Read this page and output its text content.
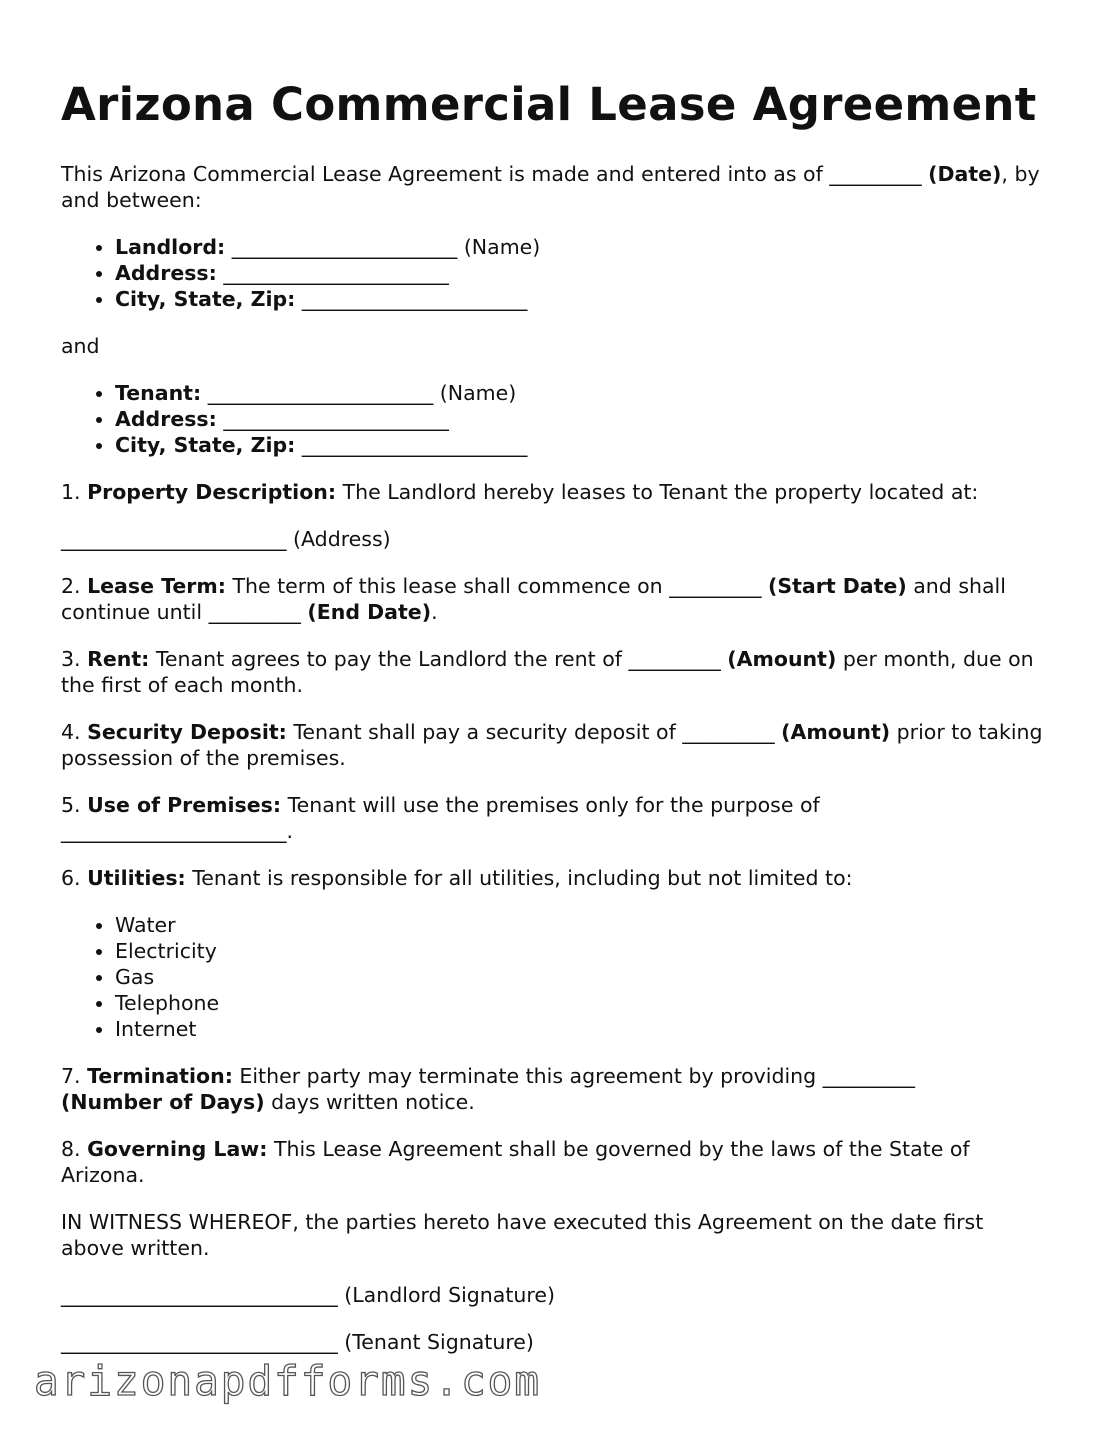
Arizona Commercial Lease Agreement

This Arizona Commercial Lease Agreement is made and entered into as of _________ (Date), by and between:

• Landlord: ______________________ (Name)
• Address: ______________________
• City, State, Zip: ______________________

and

• Tenant: ______________________ (Name)
• Address: ______________________
• City, State, Zip: ______________________

1. Property Description: The Landlord hereby leases to Tenant the property located at:

______________________ (Address)

2. Lease Term: The term of this lease shall commence on _________ (Start Date) and shall continue until _________ (End Date).

3. Rent: Tenant agrees to pay the Landlord the rent of _________ (Amount) per month, due on the first of each month.

4. Security Deposit: Tenant shall pay a security deposit of _________ (Amount) prior to taking possession of the premises.

5. Use of Premises: Tenant will use the premises only for the purpose of
______________________.

6. Utilities: Tenant is responsible for all utilities, including but not limited to:

• Water
• Electricity
• Gas
• Telephone
• Internet

7. Termination: Either party may terminate this agreement by providing _________
(Number of Days) days written notice.

8. Governing Law: This Lease Agreement shall be governed by the laws of the State of Arizona.

IN WITNESS WHEREOF, the parties hereto have executed this Agreement on the date first above written.

___________________________ (Landlord Signature)

___________________________ (Tenant Signature)

arizonapdfforms.com
